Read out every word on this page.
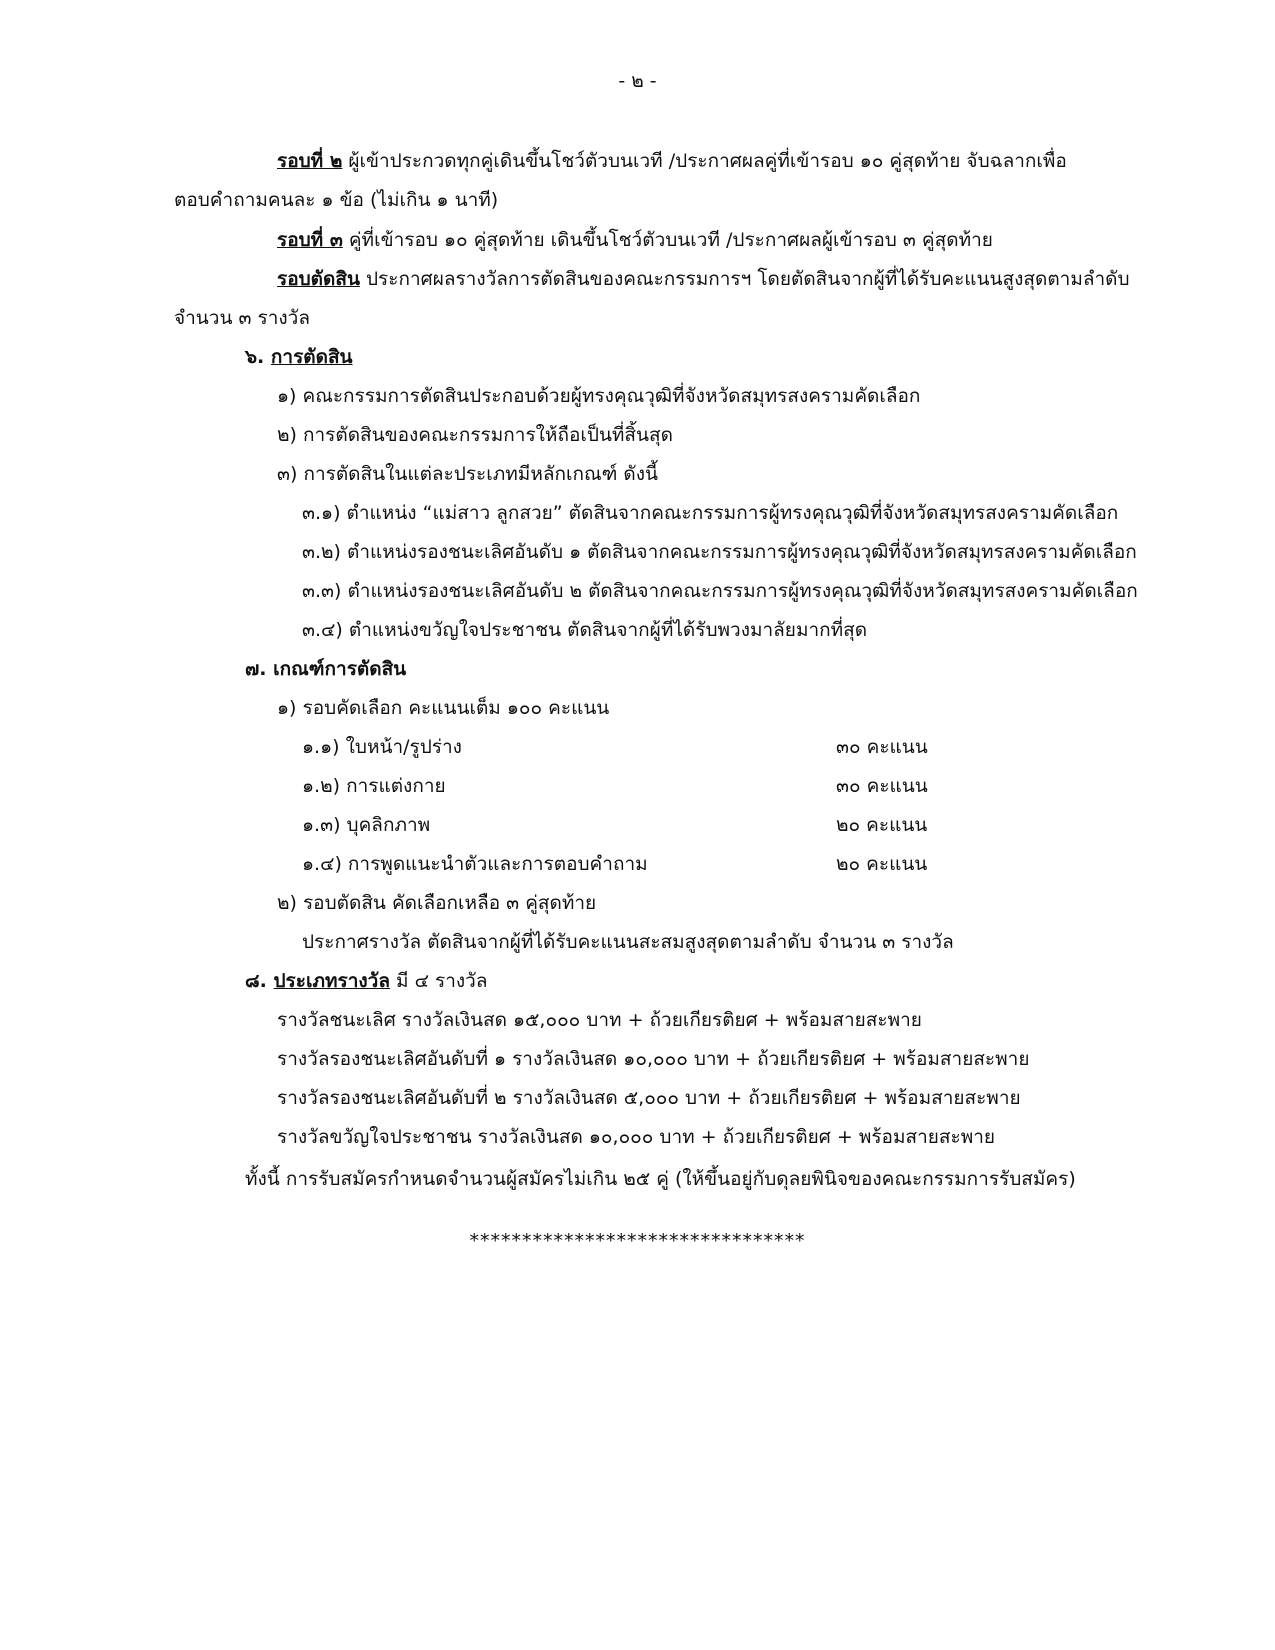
- ๒ -
รอบที่ ๒ ผู้เข้าประกวดทุกคู่เดินขึ้นโชว์ตัวบนเวที /ประกาศผลคู่ที่เข้ารอบ ๑๐ คู่สุดท้าย จับฉลากเพื่อ
ตอบคำถามคนละ ๑ ข้อ (ไม่เกิน ๑ นาที)
รอบที่ ๓ คู่ที่เข้ารอบ ๑๐ คู่สุดท้าย เดินขึ้นโชว์ตัวบนเวที /ประกาศผลผู้เข้ารอบ ๓ คู่สุดท้าย
รอบตัดสิน ประกาศผลรางวัลการตัดสินของคณะกรรมการฯ โดยตัดสินจากผู้ที่ได้รับคะแนนสูงสุดตามลำดับ
จำนวน ๓ รางวัล
๖. การตัดสิน
๑) คณะกรรมการตัดสินประกอบด้วยผู้ทรงคุณวุฒิที่จังหวัดสมุทรสงครามคัดเลือก
๒) การตัดสินของคณะกรรมการให้ถือเป็นที่สิ้นสุด
๓) การตัดสินในแต่ละประเภทมีหลักเกณฑ์ ดังนี้
๓.๑) ตำแหน่ง “แม่สาว ลูกสวย” ตัดสินจากคณะกรรมการผู้ทรงคุณวุฒิที่จังหวัดสมุทรสงครามคัดเลือก
๓.๒) ตำแหน่งรองชนะเลิศอันดับ ๑ ตัดสินจากคณะกรรมการผู้ทรงคุณวุฒิที่จังหวัดสมุทรสงครามคัดเลือก
๓.๓) ตำแหน่งรองชนะเลิศอันดับ ๒ ตัดสินจากคณะกรรมการผู้ทรงคุณวุฒิที่จังหวัดสมุทรสงครามคัดเลือก
๓.๔) ตำแหน่งขวัญใจประชาชน ตัดสินจากผู้ที่ได้รับพวงมาลัยมากที่สุด
๗. เกณฑ์การตัดสิน
๑) รอบคัดเลือก คะแนนเต็ม ๑๐๐ คะแนน
๑.๑) ใบหน้า/รูปร่าง	๓๐ คะแนน
๑.๒) การแต่งกาย	๓๐ คะแนน
๑.๓) บุคลิกภาพ	๒๐ คะแนน
๑.๔) การพูดแนะนำตัวและการตอบคำถาม	๒๐ คะแนน
๒) รอบตัดสิน คัดเลือกเหลือ ๓ คู่สุดท้าย
ประกาศรางวัล ตัดสินจากผู้ที่ได้รับคะแนนสะสมสูงสุดตามลำดับ จำนวน ๓ รางวัล
๘. ประเภทรางวัล มี ๔ รางวัล
รางวัลชนะเลิศ รางวัลเงินสด ๑๕,๐๐๐ บาท + ถ้วยเกียรติยศ + พร้อมสายสะพาย
รางวัลรองชนะเลิศอันดับที่ ๑ รางวัลเงินสด ๑๐,๐๐๐ บาท + ถ้วยเกียรติยศ + พร้อมสายสะพาย
รางวัลรองชนะเลิศอันดับที่ ๒ รางวัลเงินสด ๕,๐๐๐ บาท + ถ้วยเกียรติยศ + พร้อมสายสะพาย
รางวัลขวัญใจประชาชน รางวัลเงินสด ๑๐,๐๐๐ บาท + ถ้วยเกียรติยศ + พร้อมสายสะพาย
ทั้งนี้ การรับสมัครกำหนดจำนวนผู้สมัครไม่เกิน ๒๕ คู่ (ให้ขึ้นอยู่กับดุลยพินิจของคณะกรรมการรับสมัคร)
********************************
